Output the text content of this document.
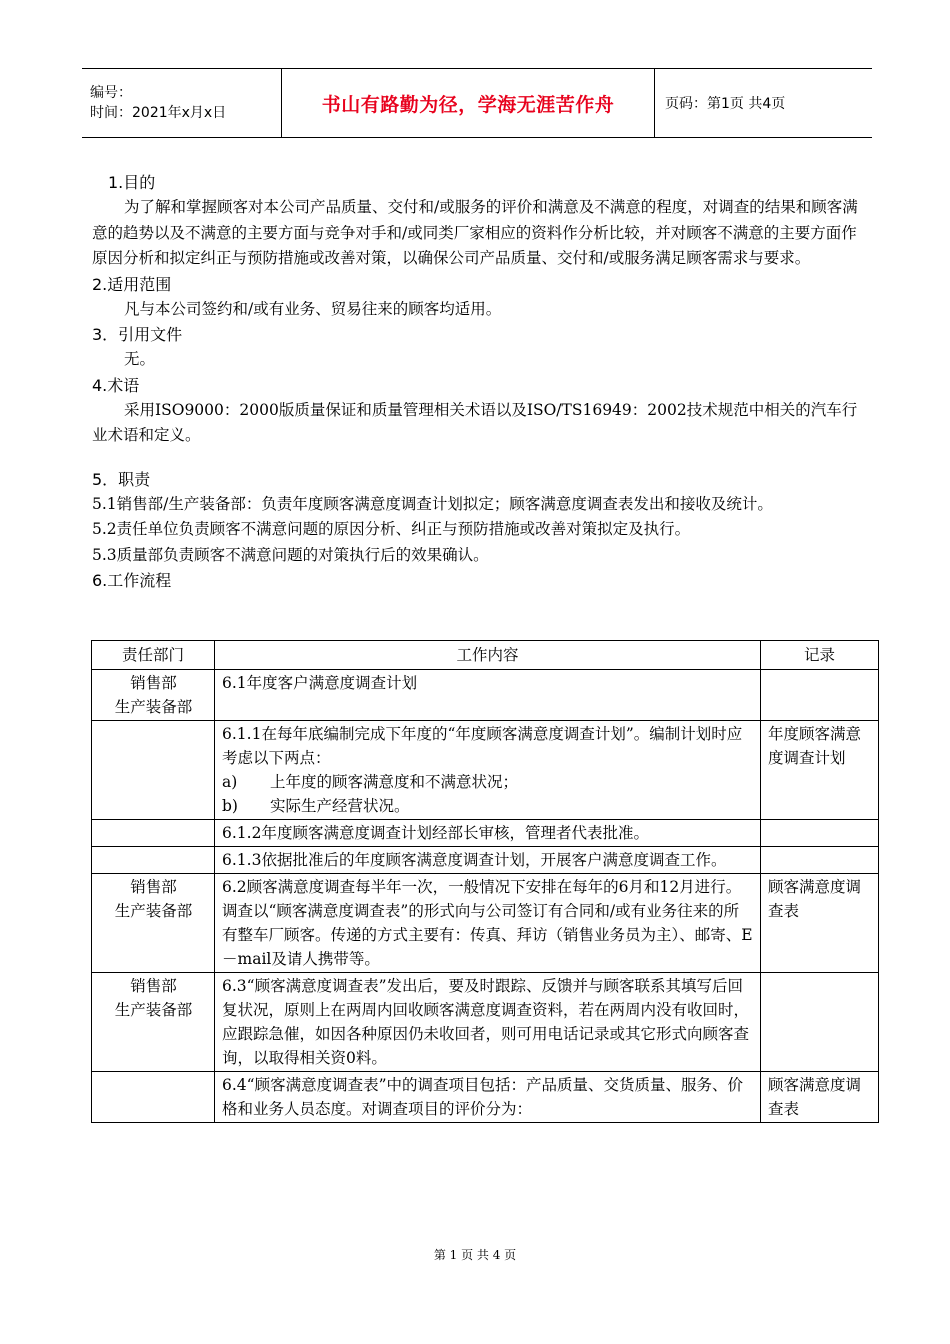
编号：
时间：2021年x月x日	书山有路勤为径，学海无涯苦作舟	页码：第1页 共4页

1.目的

为了解和掌握顾客对本公司产品质量、交付和/或服务的评价和满意及不满意的程度，对调查的结果和顾客满意的趋势以及不满意的主要方面与竞争对手和/或同类厂家相应的资料作分析比较，并对顾客不满意的主要方面作原因分析和拟定纠正与预防措施或改善对策，以确保公司产品质量、交付和/或服务满足顾客需求与要求。

2.适用范围

凡与本公司签约和/或有业务、贸易往来的顾客均适用。

3．引用文件

无。

4.术语

采用ISO9000：2000版质量保证和质量管理相关术语以及ISO/TS16949：2002技术规范中相关的汽车行业术语和定义。

5．职责

5.1销售部/生产装备部：负责年度顾客满意度调查计划拟定；顾客满意度调查表发出和接收及统计。

5.2责任单位负责顾客不满意问题的原因分析、纠正与预防措施或改善对策拟定及执行。

5.3质量部负责顾客不满意问题的对策执行后的效果确认。

6.工作流程

责任部门	工作内容	记录

销售部
生产装备部	6.1年度客户满意度调查计划	

	6.1.1在每年底编制完成下年度的“年度顾客满意度调查计划”。编制计划时应考虑以下两点：
a) 上年度的顾客满意度和不满意状况；
b) 实际生产经营状况。	年度顾客满意度调查计划
	6.1.2年度顾客满意度调查计划经部长审核，管理者代表批准。	
	6.1.3依据批准后的年度顾客满意度调查计划，开展客户满意度调查工作。	

销售部
生产装备部	6.2顾客满意度调查每半年一次，一般情况下安排在每年的6月和12月进行。调查以“顾客满意度调查表”的形式向与公司签订有合同和/或有业务往来的所有整车厂顾客。传递的方式主要有：传真、拜访（销售业务员为主）、邮寄、E－mail及请人携带等。	顾客满意度调查表

销售部
生产装备部	6.3“顾客满意度调查表”发出后，要及时跟踪、反馈并与顾客联系其填写后回复状况，原则上在两周内回收顾客满意度调查资料，若在两周内没有收回时，应跟踪急催，如因各种原因仍未收回者，则可用电话记录或其它形式向顾客查询，以取得相关资0料。	
	6.4“顾客满意度调查表”中的调查项目包括：产品质量、交货质量、服务、价格和业务人员态度。对调查项目的评价分为：	顾客满意度调查表
第 1 页 共 4 页
